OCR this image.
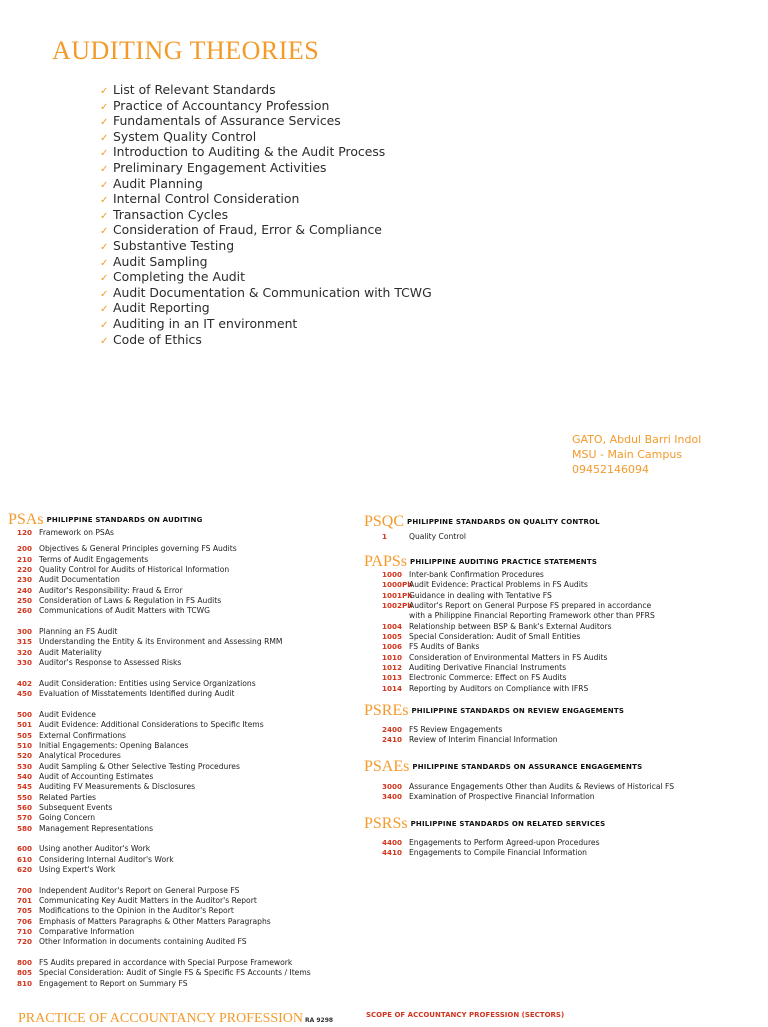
AUDITING THEORIES
✓ List of Relevant Standards
✓ Practice of Accountancy Profession
✓ Fundamentals of Assurance Services
✓ System Quality Control
✓ Introduction to Auditing & the Audit Process
✓ Preliminary Engagement Activities
✓ Audit Planning
✓ Internal Control Consideration
✓ Transaction Cycles
✓ Consideration of Fraud, Error & Compliance
✓ Substantive Testing
✓ Audit Sampling
✓ Completing the Audit
✓ Audit Documentation & Communication with TCWG
✓ Audit Reporting
✓ Auditing in an IT environment
✓ Code of Ethics
GATO, Abdul Barri Indol
MSU - Main Campus
09452146094
PSAs PHILIPPINE STANDARDS ON AUDITING
120 Framework on PSAs
200 Objectives & General Principles governing FS Audits
210 Terms of Audit Engagements
220 Quality Control for Audits of Historical Information
230 Audit Documentation
240 Auditor's Responsibility: Fraud & Error
250 Consideration of Laws & Regulation in FS Audits
260 Communications of Audit Matters with TCWG
300 Planning an FS Audit
315 Understanding the Entity & its Environment and Assessing RMM
320 Audit Materiality
330 Auditor's Response to Assessed Risks
402 Audit Consideration: Entities using Service Organizations
450 Evaluation of Misstatements Identified during Audit
500 Audit Evidence
501 Audit Evidence: Additional Considerations to Specific Items
505 External Confirmations
510 Initial Engagements: Opening Balances
520 Analytical Procedures
530 Audit Sampling & Other Selective Testing Procedures
540 Audit of Accounting Estimates
545 Auditing FV Measurements & Disclosures
550 Related Parties
560 Subsequent Events
570 Going Concern
580 Management Representations
600 Using another Auditor's Work
610 Considering Internal Auditor's Work
620 Using Expert's Work
700 Independent Auditor's Report on General Purpose FS
701 Communicating Key Audit Matters in the Auditor's Report
705 Modifications to the Opinion in the Auditor's Report
706 Emphasis of Matters Paragraphs & Other Matters Paragraphs
710 Comparative Information
720 Other Information in documents containing Audited FS
800 FS Audits prepared in accordance with Special Purpose Framework
805 Special Consideration: Audit of Single FS & Specific FS Accounts / Items
810 Engagement to Report on Summary FS
PSQC PHILIPPINE STANDARDS ON QUALITY CONTROL
1	Quality Control
PAPSs PHILIPPINE AUDITING PRACTICE STATEMENTS
1000 Inter-bank Confirmation Procedures
1000PhAudit Evidence: Practical Problems in FS Audits
1001PhGuidance in dealing with Tentative FS
1002PhAuditor's Report on General Purpose FS prepared in accordance
with a Philippine Financial Reporting Framework other than PFRS
1004 Relationship between BSP & Bank's External Auditors
1005 Special Consideration: Audit of Small Entities
1006 FS Audits of Banks
1010 Consideration of Environmental Matters in FS Audits
1012 Auditing Derivative Financial Instruments
1013 Electronic Commerce: Effect on FS Audits
1014 Reporting by Auditors on Compliance with IFRS
PSREs PHILIPPINE STANDARDS ON REVIEW ENGAGEMENTS
2400 FS Review Engagements
2410 Review of Interim Financial Information
PSAEs PHILIPPINE STANDARDS ON ASSURANCE ENGAGEMENTS
3000 Assurance Engagements Other than Audits & Reviews of Historical FS
3400 Examination of Prospective Financial Information
PSRSs PHILIPPINE STANDARDS ON RELATED SERVICES
4400 Engagements to Perform Agreed-upon Procedures
4410 Engagements to Compile Financial Information
PRACTICE OF ACCOUNTANCY PROFESSION RA 9298
SCOPE OF ACCOUNTANCY PROFESSION (SECTORS)
